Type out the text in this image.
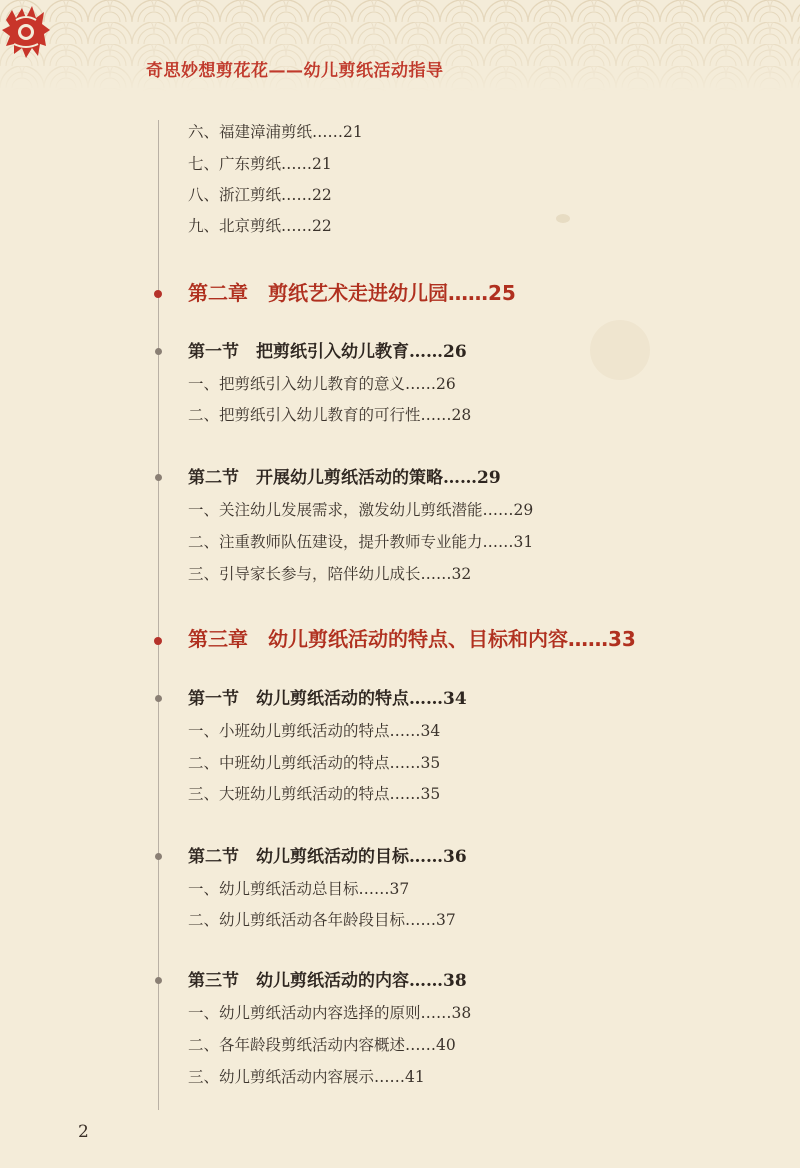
奇思妙想剪花花——幼儿剪纸活动指导
六、福建漳浦剪纸……21
七、广东剪纸……21
八、浙江剪纸……22
九、北京剪纸……22
第二章　剪纸艺术走进幼儿园……25
第一节　把剪纸引入幼儿教育……26
一、把剪纸引入幼儿教育的意义……26
二、把剪纸引入幼儿教育的可行性……28
第二节　开展幼儿剪纸活动的策略……29
一、关注幼儿发展需求，激发幼儿剪纸潜能……29
二、注重教师队伍建设，提升教师专业能力……31
三、引导家长参与，陪伴幼儿成长……32
第三章　幼儿剪纸活动的特点、目标和内容……33
第一节　幼儿剪纸活动的特点……34
一、小班幼儿剪纸活动的特点……34
二、中班幼儿剪纸活动的特点……35
三、大班幼儿剪纸活动的特点……35
第二节　幼儿剪纸活动的目标……36
一、幼儿剪纸活动总目标……37
二、幼儿剪纸活动各年龄段目标……37
第三节　幼儿剪纸活动的内容……38
一、幼儿剪纸活动内容选择的原则……38
二、各年龄段剪纸活动内容概述……40
三、幼儿剪纸活动内容展示……41
2
